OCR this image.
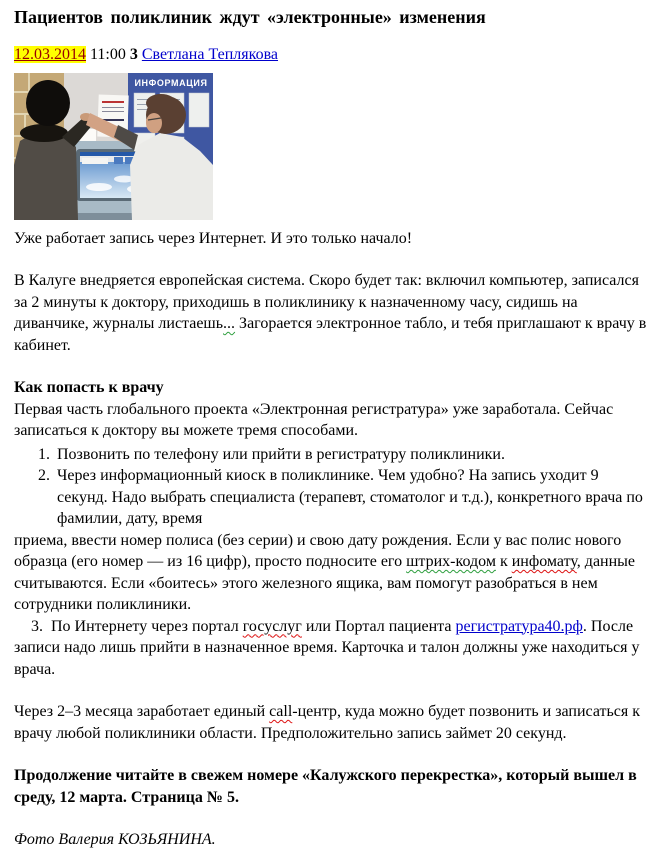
Пациентов поликлиник ждут «электронные» изменения
12.03.2014 11:00 3 Светлана Теплякова
ИНФОРМАЦИЯ

Уже работает запись через Интернет. И это только начало!

В Калуге внедряется европейская система. Скоро будет так: включил компьютер, записался за 2 минуты к доктору, приходишь в поликлинику к назначенному часу, сидишь на диванчике, журналы листаешь... Загорается электронное табло, и тебя приглашают к врачу в кабинет.

Как попасть к врачу

Первая часть глобального проекта «Электронная регистратура» уже заработала. Сейчас записаться к доктору вы можете тремя способами.

1. Позвонить по телефону или прийти в регистратуру поликлиники.
2. Через информационный киоск в поликлинике. Чем удобно? На запись уходит 9 секунд. Надо выбрать специалиста (терапевт, стоматолог и т.д.), конкретного врача по фамилии, дату, время

приема, ввести номер полиса (без серии) и свою дату рождения. Если у вас полис нового образца (его номер — из 16 цифр), просто подносите его штрих-кодом к инфомату, данные считываются. Если «боитесь» этого железного ящика, вам помогут разобраться в нем сотрудники поликлиники.

3.  По Интернету через портал госуслуг или Портал пациента регистратура40.рф. После записи надо лишь прийти в назначенное время. Карточка и талон должны уже находиться у врача.

Через 2–3 месяца заработает единый call-центр, куда можно будет позвонить и записаться к врачу любой поликлиники области. Предположительно запись займет 20 секунд.

Продолжение читайте в свежем номере «Калужского перекрестка», который вышел в среду, 12 марта. Страница № 5.

Фото Валерия КОЗЬЯНИНА.
